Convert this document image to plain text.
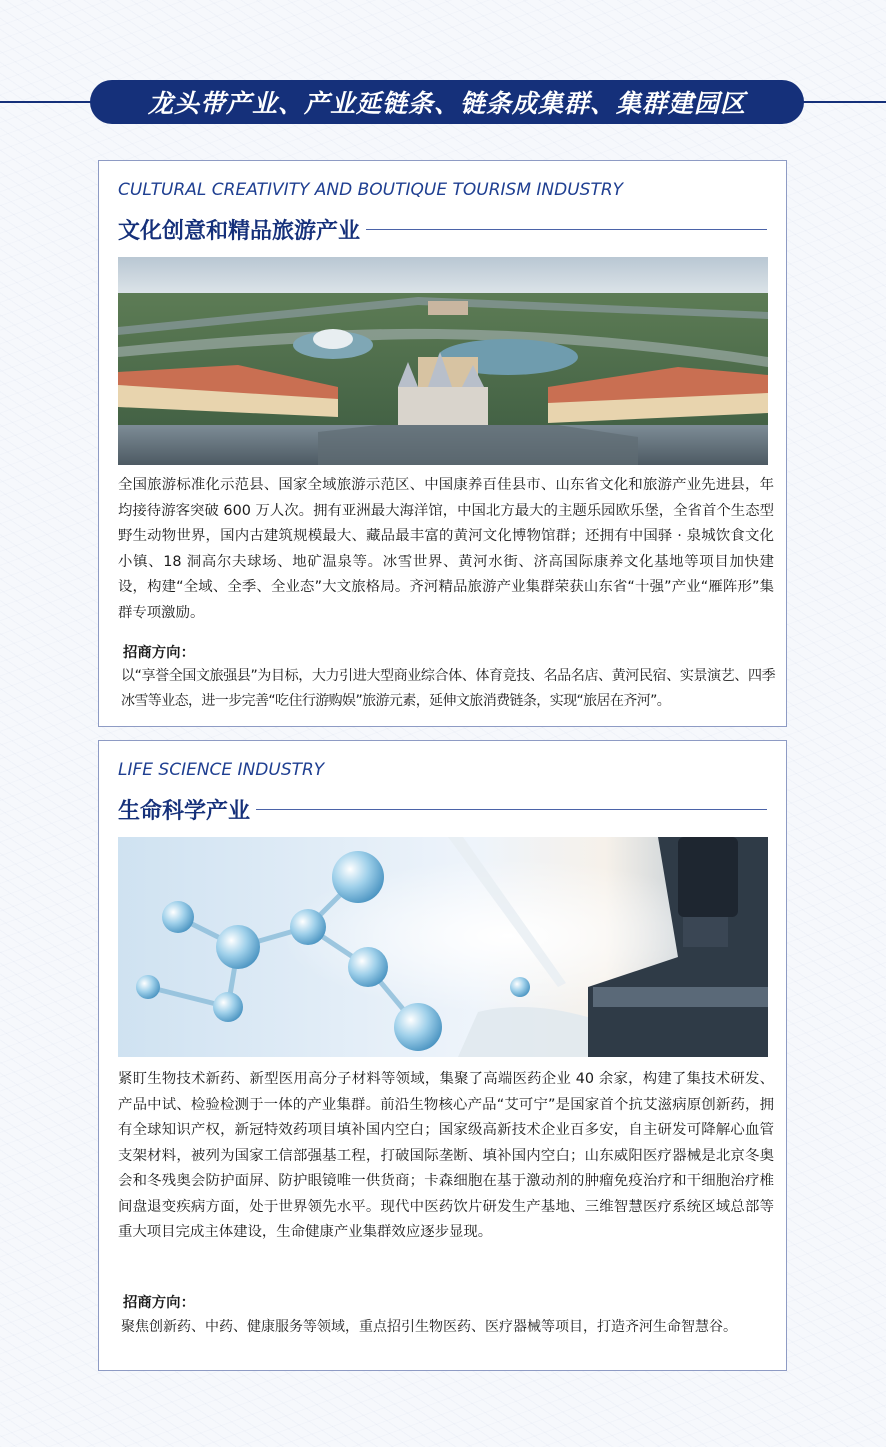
龙头带产业、产业延链条、链条成集群、集群建园区
CULTURAL CREATIVITY AND BOUTIQUE TOURISM INDUSTRY
文化创意和精品旅游产业
全国旅游标准化示范县、国家全域旅游示范区、中国康养百佳县市、山东省文化和旅游产业先进县，年均接待游客突破 600 万人次。拥有亚洲最大海洋馆，中国北方最大的主题乐园欧乐堡，全省首个生态型野生动物世界，国内古建筑规模最大、藏品最丰富的黄河文化博物馆群；还拥有中国驿 · 泉城饮食文化小镇、18 洞高尔夫球场、地矿温泉等。冰雪世界、黄河水街、济高国际康养文化基地等项目加快建设，构建“全域、全季、全业态”大文旅格局。齐河精品旅游产业集群荣获山东省“十强”产业“雁阵形”集群专项激励。
招商方向：
以“享誉全国文旅强县”为目标，大力引进大型商业综合体、体育竞技、名品名店、黄河民宿、实景演艺、四季冰雪等业态，进一步完善“吃住行游购娱”旅游元素，延伸文旅消费链条，实现“旅居在齐河”。
LIFE SCIENCE INDUSTRY
生命科学产业
紧盯生物技术新药、新型医用高分子材料等领域，集聚了高端医药企业 40 余家，构建了集技术研发、产品中试、检验检测于一体的产业集群。前沿生物核心产品“艾可宁”是国家首个抗艾滋病原创新药，拥有全球知识产权，新冠特效药项目填补国内空白；国家级高新技术企业百多安，自主研发可降解心血管支架材料，被列为国家工信部强基工程，打破国际垄断、填补国内空白；山东威阳医疗器械是北京冬奥会和冬残奥会防护面屏、防护眼镜唯一供货商；卡森细胞在基于激动剂的肿瘤免疫治疗和干细胞治疗椎间盘退变疾病方面，处于世界领先水平。现代中医药饮片研发生产基地、三维智慧医疗系统区域总部等重大项目完成主体建设，生命健康产业集群效应逐步显现。
招商方向：
聚焦创新药、中药、健康服务等领域，重点招引生物医药、医疗器械等项目，打造齐河生命智慧谷。
